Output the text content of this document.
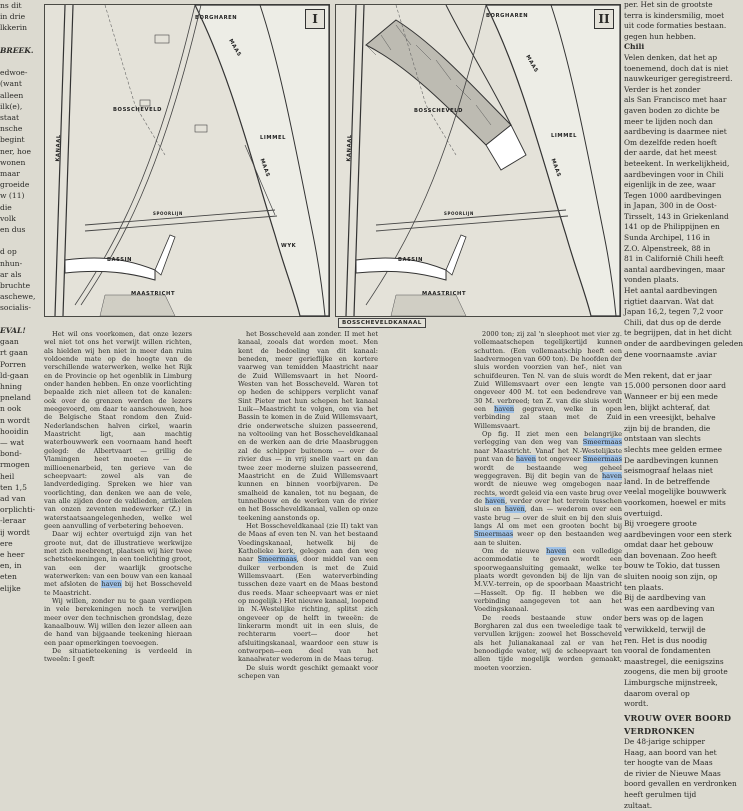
ns dit
in drie
lkkerin

BREEK.

edwoe-
(want
alleen
ilk(e),
staat
nsche
begint
ner, hoe
wonen
maar
groeide
w (11)
die
volk
en dus

d op
nhun-
ar als
bruchte
aschewe,
socialis-

EVAL!
gaan
rt gaan
Porren
ld-gaan
hning
pneland
n ook
n wordt
hooidin
— wat
bond-
rmogen
heil
ten 1,5
ad van
orplichti-
-leraar
ij wordt
ere
e heer
en, in
eten
elijke
I
BORGHAREN
BOSSCHEVELD
LIMMEL
MAAS
MAAS
BASSIN
WYK
MAASTRICHT
KANAAL
SPOORLIJN
II
BORGHAREN
BOSSCHEVELD
LIMMEL
MAAS
MAAS
BASSIN
MAASTRICHT
KANAAL
SPOORLIJN
BOSSCHEVELDKANAAL

Het wil ons voorkomen, dat onze lezers wel niet tot ons het verwijt willen richten, als hielden wij hen niet in meer dan ruim voldoende mate op de hoogte van de verschillende waterwerken, welke het Rijk en de Provincie op het ogenblik in Limburg onder handen hebben. En onze voorlichting bepaalde zich niet alleen tot de kanalen: ook over de grenzen werden de lezers meegevoerd, om daar te aanschouwen, hoe de Belgische Staat rondom den Zuid-Nederlandschen halven cirkel, waarin Maastricht ligt, aan machtig waterbouwwerk een voornaam hand heeft gelegd: de Albertvaart — grillig de Vlamingen heet moeten — de millioenenarbeid, ten gerieve van de scheepvaart: zowel als van de landverdediging. Spreken we hier van voorlichting, dan denken we aan de vele, van alle zijden door de vaklieden, artikelen van onzen zeventen medewerker (Z.) in waterstaatsaangelegenheden, welke wel geen aanvulling of verbetering behoeven.

Daar wij echter overtuigd zijn van het groote nut, dat de illustratieve werkwijze met zich meebrengt, plaatsen wij hier twee schetsteekeningen, in een toelichting groot, van een der waarlijk grootsche waterwerken: van een bouw van een kanaal met afsloten de haven bij het Bosscheveld te Maastricht.

Wij willen, zonder nu te gaan verdiepen in vele berekeningen noch te verwijlen meer over den technischen grondslag, deze kanaalbouw. Wij willen den lezer alleen aan de hand van bijgaande teekening hieraan een paar opmerkingen toevoegen.

De situatieteekening is verdeeld in tweeën: I geeft

het Bosscheveld aan zonder. II met het kanaal, zooals dat worden moet. Men kent de bedoeling van dit kanaal: beneden, meer gerieflijke en kortere vaarweg van temidden Maastricht naar de Zuid Willemsvaart in het Noord-Westen van het Bosscheveld. Waren tot op heden de schippers verplicht vanaf Sint Pieter met hun schepen het kanaal Luik—Maastricht te volgen, om via het Bassin te komen in de Zuid Willemsvaart, drie onderwetsche sluizen passeerend, na voltooiing van het Bosscheveldkanaal en de werken aan de drie Maasbruggen zal de schipper buitenom — over de rivier dus — in vrij snelle vaart en dan twee zeer moderne sluizen passeerend, Maastricht en de Zuid Willemsvaart kunnen en binnen voorbijvaren. De smalheid de kanalen, tot nu begaan, de tunnelbouw en de werken van de rivier en het Bosscheveldkanaal, vallen op onze teekening aanstonds op.

Het Bosscheveldkanaal (zie II) takt van de Maas af even ten N. van het bestaand Voedingskanaal, hetwelk bij de Katholieke kerk, gelegen aan den weg naar Smeermaas, door middel van een duiker verbonden is met de Zuid Willemsvaart. (Een waterverbinding tusschen deze vaart en de Maas bestond dus reeds. Maar scheepvaart was er niet op mogelijk.) Het nieuwe kanaal, loopend in N.-Westelijke richting, splitst zich ongeveer op de helft in tweeën: de linkerarm mondt uit in een sluis, de rechterarm voert— door het afsluitingskanaal, waardoor een stuw is ontworpen—een deel van het kanaalwater wederom in de Maas terug.

De sluis wordt geschikt gemaakt voor schepen van

2000 ton; zij zal 'n sleephoot met vier zg. vollemaatschepen tegelijkertijd kunnen schutten. (Een vollemaatschip heeft een laadvermogen van 600 ton). De hoofden der sluis worden voorzien van hef-, niet van schuifdeuren. Ten N. van de sluis wordt de Zuid Willemsvaart over een lengte van ongeveer 400 M. tot een bedendreve van 30 M. verbreed; ten Z. van die sluis wordt een haven gegraven, welke in open verbinding zal staan met de Zuid Willemsvaart.

Op fig. II ziet men een belangrijke verlegging van den weg van Smeermaas naar Maastricht. Vanaf het N.-Westelijkste punt van de haven tot ongeveer Smeermaas wordt de bestaande weg geheel weggegraven. Bij dit begin van de haven wordt de nieuwe weg omgebogen naar rechts, wordt geleid via een vaste brug over de haven, verder over het terrein tusschen sluis en haven, dan — wederom over een vaste brug — over de sluit en bij den sluis langs Al om met een grooten bocht bij Smeermaas weer op den bestaanden weg aan te sluiten.

Om de nieuwe haven een volledige accommodatie te geven wordt een spoorwegaansluiting gemaakt, welke ter plaats wordt gevonden bij de lijn van de M.V.V.-terrein, op de spoorbaan Maastricht—Hasselt. Op fig. II hebben we die verbinding aangegeven tot aan het Voedingskanaal.

De reeds bestaande stuw onder Borgharen zal dus een tweeledige taak te vervullen krijgen: zoowel het Bosscheveld als het Julianakanaal zal er van het benoodigde water, wij de scheepvaart ten allen tijde mogelijk worden gemaakt, moeten voorzien.

per. Het sin de grootste
terra is kindersmilig, moet
uit code formaties bestaan.
gegen hun hebben.
Chili
Velen denken, dat het ap
toenemend, doch dat is niet
nauwkeuriger geregistreerd.
Verder is het zonder
als San Francisco met haar
gaven boden zo dichte be
meer te lijden noch dan
aardbeving is daarmee niet
Om dezelfde reden hoeft
der aarde, dat het meest
beteekent. In werkelijkheid,
aardbevingen voor in Chili
eigenlijk in de zee, waar
Tegen 1000 aardbevingen
in Japan, 300 in de Oost-
Tirsselt, 143 in Griekenland
141 op de Philippijnen en
Sunda Archipel, 116 in
Z.O. Alpenstreek, 88 in
81 in Californië Chili heeft
aantal aardbevingen, maar
vonden plaats.
Het aantal aardbevingen
rigtiet daarvan. Wat dat
Japan 16,2, tegen 7,2 voor
Chili, dat dus op de derde
te begrijpen, dat in het dicht
onder de aardbevingen geleden
dene voornaamste .aviar

Men rekent, dat er jaar
15.000 personen door aard
Wanneer er bij een mede
len, blijkt achteraf, dat
in een vreesijkt, behalve
zijn bij de branden, die
ontstaan van slechts
slechts mee gelden ermee
De aardbevingen kunnen
seismograaf helaas niet
land. In de betreffende
veelal mogelijke bouwwerk
voorkomen, hoewel er mits
overtuigd.
Bij vroegere groote
aardbevingen voor een sterk
omdat daar het gebouw
dan bovenaan. Zoo heeft
bouw te Tokio, dat tussen
sluiten nooig son zijn, op
ten plaats.
Bij de aardbeving van
was een aardbeving van
bers was op de lagen
verwikkeld, terwijl de
ren. Het is dus noodig
vooral de fondamenten
maastregel, die eenigszins
zoogens, die men bij groote
Limburgsche mijnstreek,
daarom overal op
wordt.
VROUW OVER BOORD
VERDRONKEN
De 48-jarige schipper
Haag, aan boord van het
ter hoogte van de Maas
de rivier de Nieuwe Maas
boord gevallen en verdronken
heeft gerulmen tijd
zultaat.
